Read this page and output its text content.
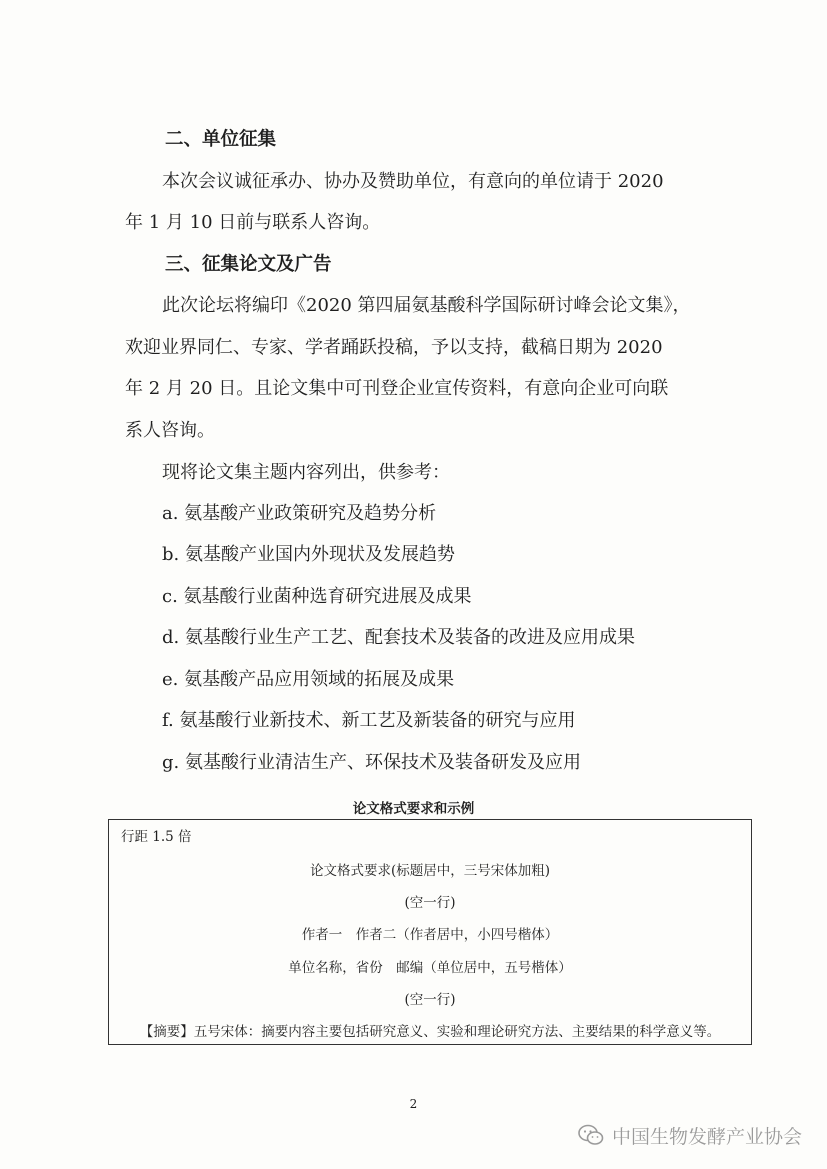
二、单位征集
本次会议诚征承办、协办及赞助单位，有意向的单位请于 2020
年 1 月 10 日前与联系人咨询。
三、征集论文及广告
此次论坛将编印《2020 第四届氨基酸科学国际研讨峰会论文集》，
欢迎业界同仁、专家、学者踊跃投稿，予以支持，截稿日期为 2020
年 2 月 20 日。且论文集中可刊登企业宣传资料，有意向企业可向联
系人咨询。
现将论文集主题内容列出，供参考：
a. 氨基酸产业政策研究及趋势分析
b. 氨基酸产业国内外现状及发展趋势
c. 氨基酸行业菌种选育研究进展及成果
d. 氨基酸行业生产工艺、配套技术及装备的改进及应用成果
e. 氨基酸产品应用领域的拓展及成果
f. 氨基酸行业新技术、新工艺及新装备的研究与应用
g. 氨基酸行业清洁生产、环保技术及装备研发及应用
论文格式要求和示例
行距 1.5 倍
论文格式要求(标题居中，三号宋体加粗)
(空一行)
作者一　作者二（作者居中，小四号楷体）
单位名称，省份　邮编（单位居中，五号楷体）
(空一行)
【摘要】五号宋体：摘要内容主要包括研究意义、实验和理论研究方法、主要结果的科学意义等。
2
中国生物发酵产业协会
